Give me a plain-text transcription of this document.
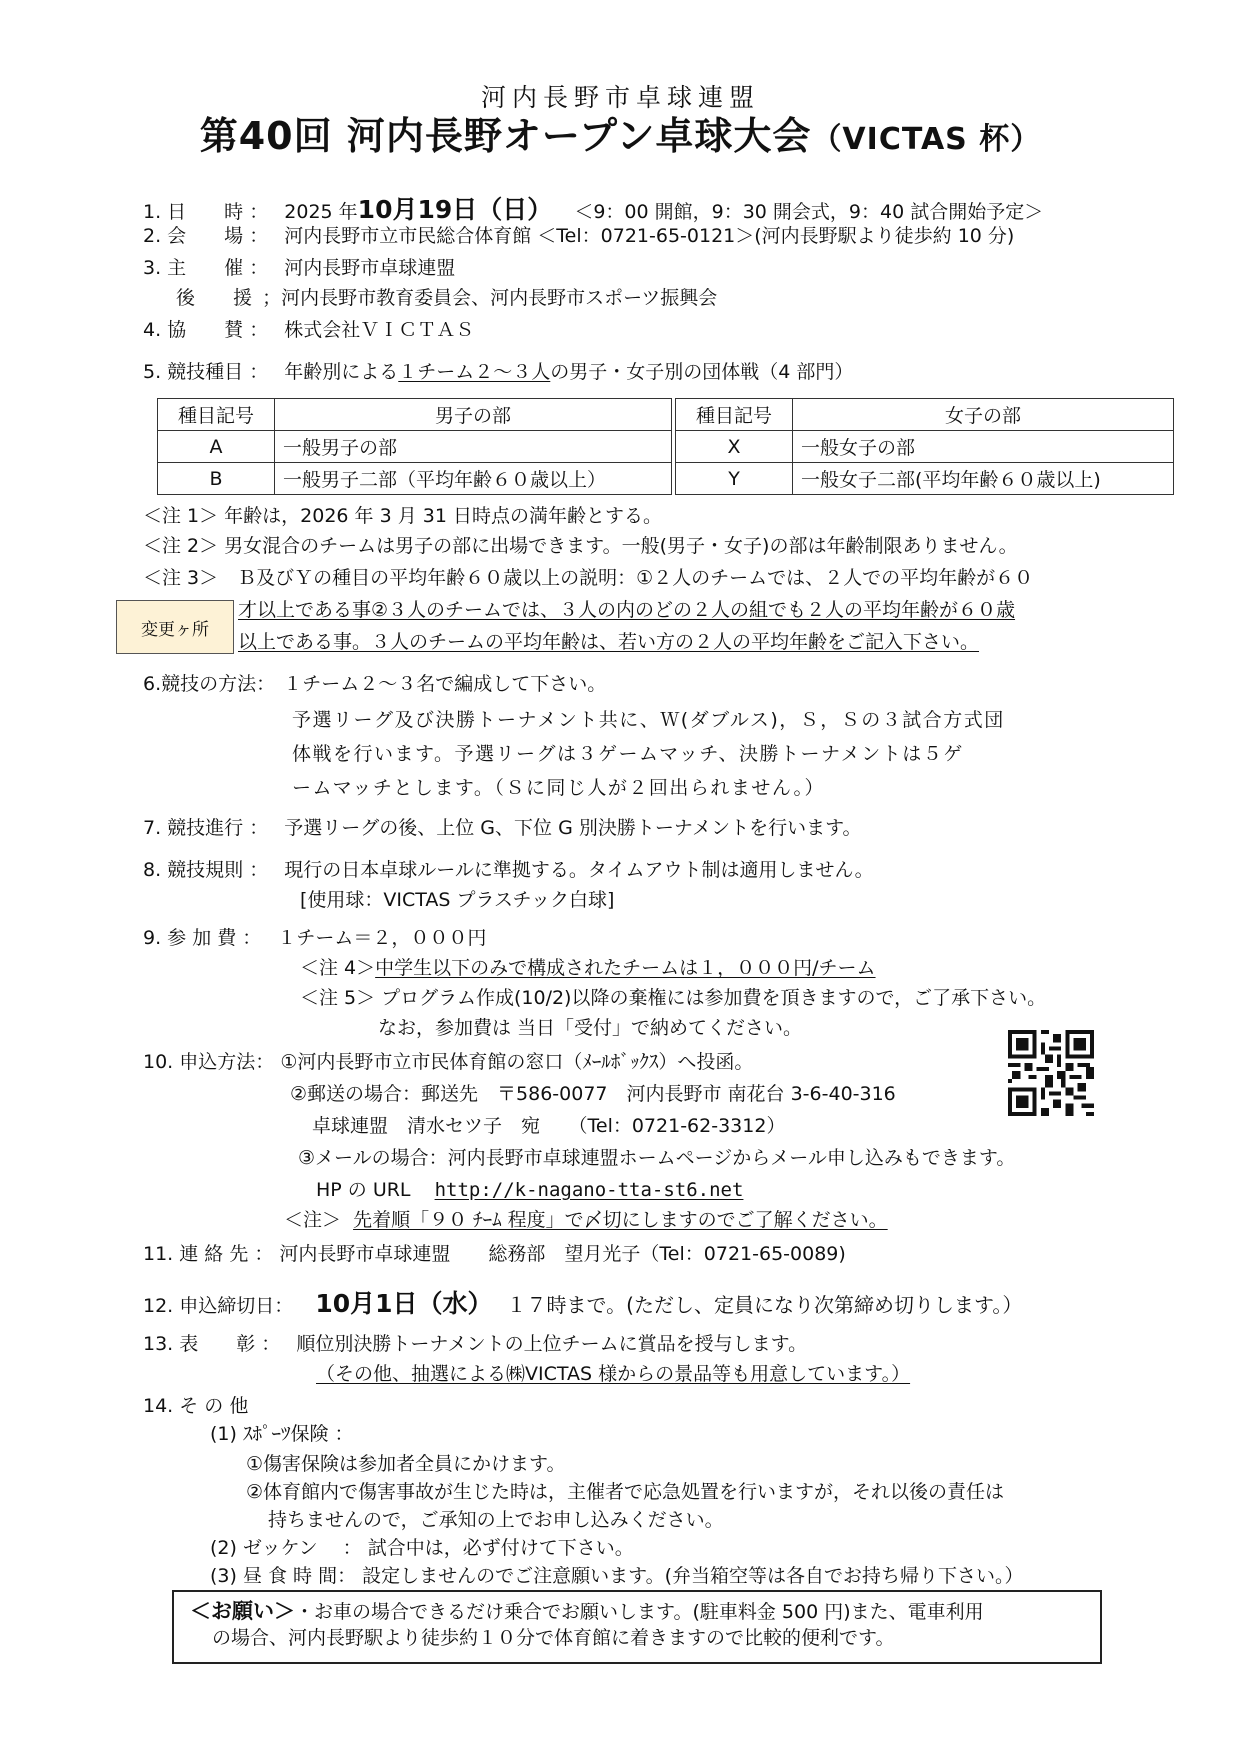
河内長野市卓球連盟
第40回 河内長野オープン卓球大会（VICTAS 杯）
1. 日　　時 ： 2025 年10月19日（日） ＜9：00 開館，9：30 開会式，9：40 試合開始予定＞
2. 会　　場 ： 河内長野市立市民総合体育館 ＜Tel：0721-65-0121＞(河内長野駅より徒歩約 10 分)
3. 主　　催 ： 河内長野市卓球連盟
後　　援 ；河内長野市教育委員会、河内長野市スポーツ振興会
4. 協　　賛 ： 株式会社ＶＩＣＴＡＳ
5. 競技種目 ： 年齢別による１チーム２～３人の男子・女子別の団体戦（4 部門）
種目記号	男子の部		種目記号	女子の部
A	一般男子の部		X	一般女子の部
B	一般男子二部（平均年齢６０歳以上）		Y	一般女子二部(平均年齢６０歳以上)
＜注 1＞ 年齢は，2026 年 3 月 31 日時点の満年齢とする。
＜注 2＞ 男女混合のチームは男子の部に出場できます。一般(男子・女子)の部は年齢制限ありません。
＜注 3＞　Ｂ及びＹの種目の平均年齢６０歳以上の説明：①２人のチームでは、２人での平均年齢が６０
変更ヶ所
才以上である事②３人のチームでは、３人の内のどの２人の組でも２人の平均年齢が６０歳
以上である事。３人のチームの平均年齢は、若い方の２人の平均年齢をご記入下さい。
6.競技の方法： １チーム２～３名で編成して下さい。
予選リーグ及び決勝トーナメント共に、Ｗ(ダブルス)，Ｓ，Ｓの３試合方式団
体戦を行います。予選リーグは３ゲームマッチ、決勝トーナメントは５ゲ
ームマッチとします。（Ｓに同じ人が２回出られません。）
7. 競技進行 ： 予選リーグの後、上位 G、下位 G 別決勝トーナメントを行います。
8. 競技規則 ： 現行の日本卓球ルールに準拠する。タイムアウト制は適用しません。
[使用球：VICTAS プラスチック白球]
9. 参 加 費 ： １チーム＝２，０００円
＜注 4＞中学生以下のみで構成されたチームは１，０００円/チーム
＜注 5＞ プログラム作成(10/2)以降の棄権には参加費を頂きますので，ご了承下さい。
なお，参加費は 当日「受付」で納めてください。
10. 申込方法： ①河内長野市立市民体育館の窓口（ﾒｰﾙﾎﾞｯｸｽ）へ投函。
②郵送の場合：郵送先　〒586-0077　河内長野市 南花台 3-6-40-316
卓球連盟　清水セツ子　宛　　（Tel：0721-62-3312）
③メールの場合：河内長野市卓球連盟ホームページからメール申し込みもできます。
HP の URL http://k-nagano-tta-st6.net
＜注＞ 先着順「９０ ﾁｰﾑ 程度」で〆切にしますのでご了解ください。
11. 連 絡 先 ： 河内長野市卓球連盟　　総務部　望月光子（Tel：0721-65-0089)
12. 申込締切日： 10月1日（水） １７時まで。(ただし、定員になり次第締め切りします。）
13. 表　　彰 ： 順位別決勝トーナメントの上位チームに賞品を授与します。
（その他、抽選による㈱VICTAS 様からの景品等も用意しています。）
14. そ の 他
(1) ｽﾎﾟｰﾂ保険 ：
①傷害保険は参加者全員にかけます。
②体育館内で傷害事故が生じた時は，主催者で応急処置を行いますが，それ以後の責任は
持ちませんので，ご承知の上でお申し込みください。
(2) ゼッケン　 ： 試合中は，必ず付けて下さい。
(3) 昼 食 時 間： 設定しませんのでご注意願います。(弁当箱空等は各自でお持ち帰り下さい。）
＜お願い＞・お車の場合できるだけ乗合でお願いします。(駐車料金 500 円)また、電車利用
の場合、河内長野駅より徒歩約１０分で体育館に着きますので比較的便利です。
